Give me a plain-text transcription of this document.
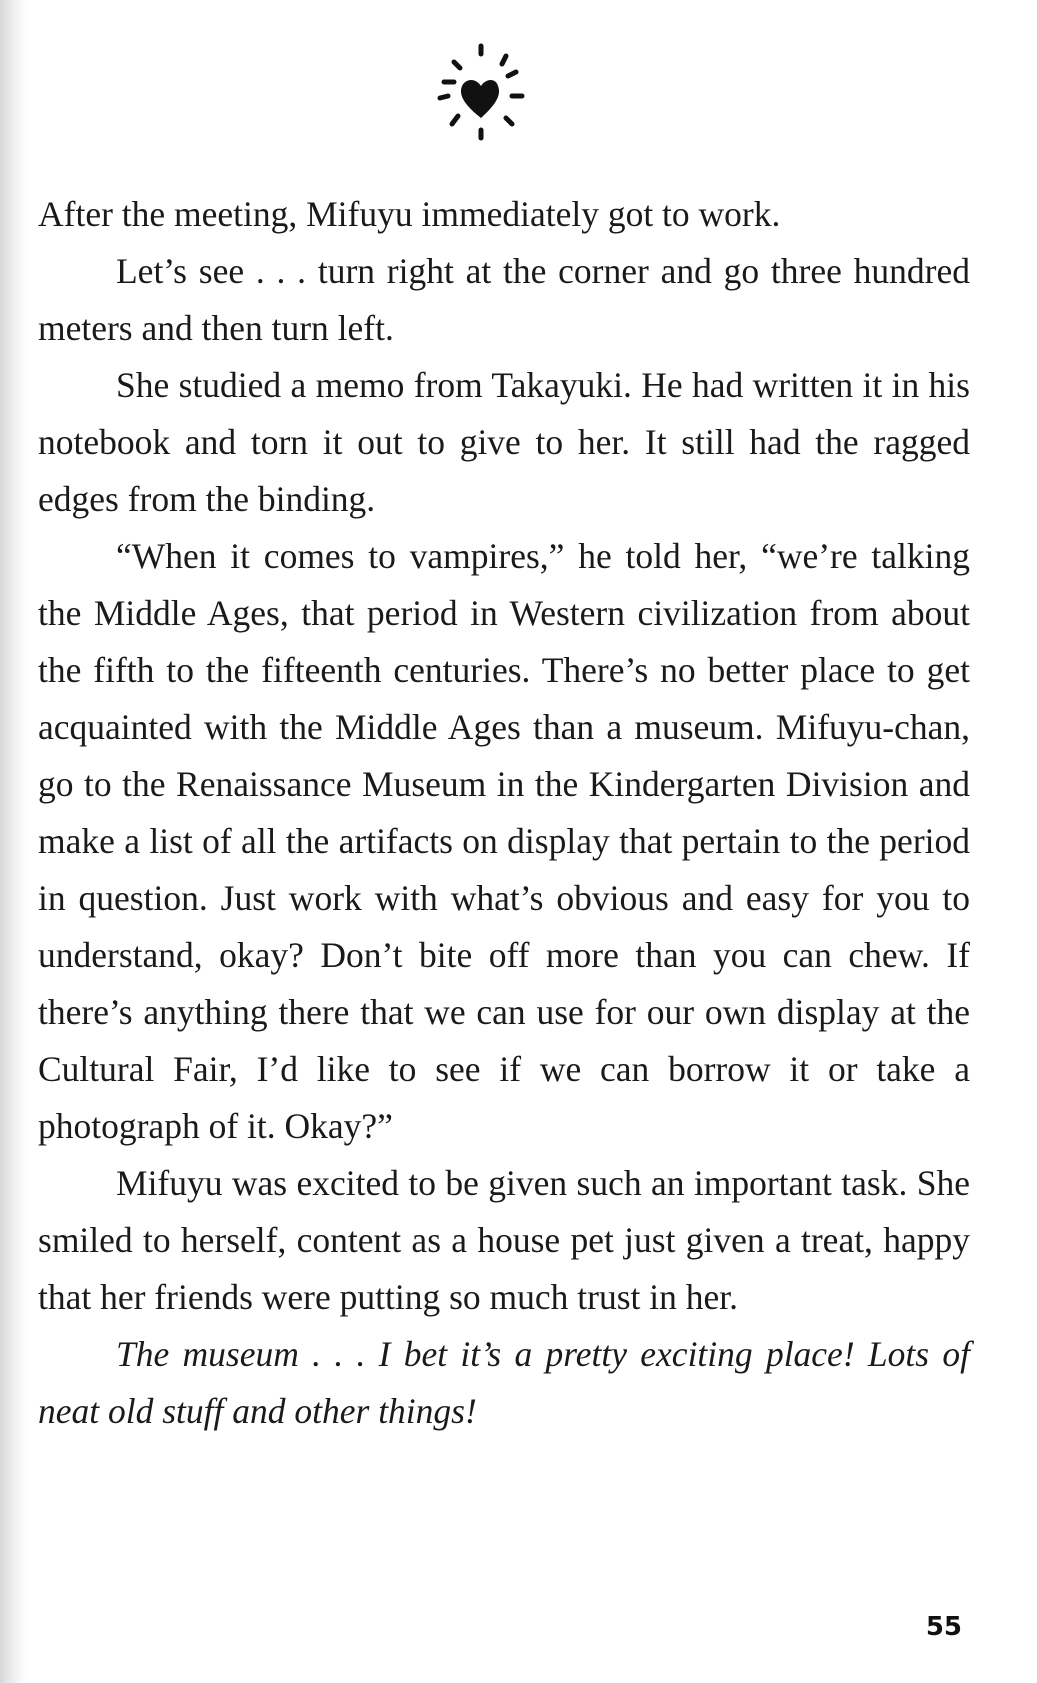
After the meeting, Mifuyu immediately got to work.

Let’s see . . . turn right at the corner and go three hundred meters and then turn left.

She studied a memo from Takayuki. He had written it in his notebook and torn it out to give to her. It still had the ragged edges from the binding.

“When it comes to vampires,” he told her, “we’re talking the Middle Ages, that period in Western civilization from about the fifth to the fifteenth centuries. There’s no better place to get acquainted with the Middle Ages than a museum. Mifuyu-chan, go to the Renaissance Museum in the Kindergarten Division and make a list of all the artifacts on display that pertain to the period in question. Just work with what’s obvious and easy for you to understand, okay? Don’t bite off more than you can chew. If there’s anything there that we can use for our own display at the Cultural Fair, I’d like to see if we can borrow it or take a photograph of it. Okay?”

Mifuyu was excited to be given such an important task. She smiled to herself, content as a house pet just given a treat, happy that her friends were putting so much trust in her.

The museum . . . I bet it’s a pretty exciting place! Lots of neat old stuff and other things!

55
